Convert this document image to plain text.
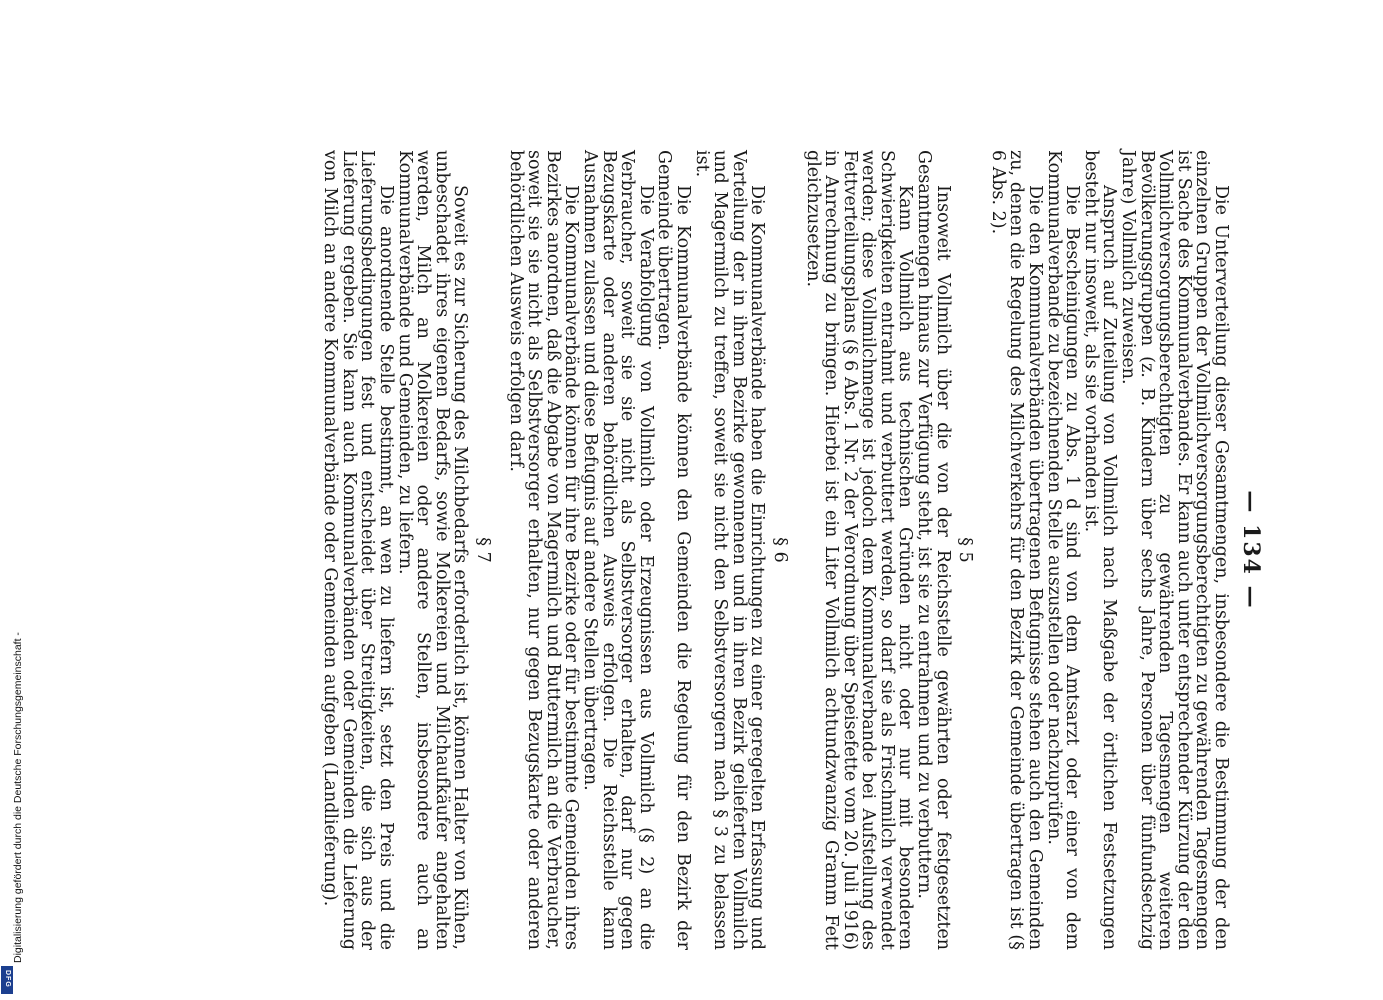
— 134 —

Die Unterverteilung dieser Gesamtmengen, insbesondere die Bestimmung der den einzelnen Gruppen der Vollmilchversorgungsberechtigten zu gewährenden Tagesmengen ist Sache des Kommunalverbandes. Er kann auch unter entsprechender Kürzung der den Vollmilchversorgungsberechtigten zu gewährenden Tagesmengen weiteren Bevölkerungsgruppen (z. B. Kindern über sechs Jahre, Personen über fünfundsechzig Jahre) Vollmilch zuweisen.

Anspruch auf Zuteilung von Vollmilch nach Maßgabe der örtlichen Festsetzungen besteht nur insoweit, als sie vorhanden ist.

Die Bescheinigungen zu Abs. 1 d sind von dem Amtsarzt oder einer von dem Kommunalverbande zu bezeichnenden Stelle auszustellen oder nachzuprüfen.

Die den Kommunalverbänden übertragenen Befugnisse stehen auch den Gemeinden zu, denen die Regelung des Milchverkehrs für den Bezirk der Gemeinde übertragen ist (§ 6 Abs. 2).

§ 5

Insoweit Vollmilch über die von der Reichsstelle gewährten oder festgesetzten Gesamtmengen hinaus zur Verfügung steht, ist sie zu entrahmen und zu verbuttern.

Kann Vollmilch aus technischen Gründen nicht oder nur mit besonderen Schwierigkeiten entrahmt und verbuttert werden, so darf sie als Frischmilch verwendet werden; diese Vollmilchmenge ist jedoch dem Kommunalverbande bei Aufstellung des Fettverteilungsplans (§ 6 Abs. 1 Nr. 2 der Verordnung über Speisefette vom 20. Juli 1916) in Anrechnung zu bringen. Hierbei ist ein Liter Vollmilch achtundzwanzig Gramm Fett gleichzusetzen.

§ 6

Die Kommunalverbände haben die Einrichtungen zu einer geregelten Erfassung und Verteilung der in ihrem Bezirke gewonnenen und in ihren Bezirk gelieferten Vollmilch und Magermilch zu treffen, soweit sie nicht den Selbstversorgern nach § 3 zu belassen ist.

Die Kommunalverbände können den Gemeinden die Regelung für den Bezirk der Gemeinde übertragen.

Die Verabfolgung von Vollmilch oder Erzeugnissen aus Vollmilch (§ 2) an die Verbraucher, soweit sie sie nicht als Selbstversorger erhalten, darf nur gegen Bezugskarte oder anderen behördlichen Ausweis erfolgen. Die Reichsstelle kann Ausnahmen zulassen und diese Befugnis auf andere Stellen übertragen.

Die Kommunalverbände können für ihre Bezirke oder für bestimmte Gemeinden ihres Bezirkes anordnen, daß die Abgabe von Magermilch und Buttermilch an die Verbraucher, soweit sie sie nicht als Selbstversorger erhalten, nur gegen Bezugskarte oder anderen behördlichen Ausweis erfolgen darf.

§ 7

Soweit es zur Sicherung des Milchbedarfs erforderlich ist, können Halter von Kühen, unbeschadet ihres eigenen Bedarfs, sowie Molkereien und Milchaufkäufer angehalten werden, Milch an Molkereien oder andere Stellen, insbesondere auch an Kommunalverbände und Gemeinden, zu liefern.

Die anordnende Stelle bestimmt, an wen zu liefern ist, setzt den Preis und die Lieferungsbedingungen fest und entscheidet über Streitigkeiten, die sich aus der Lieferung ergeben. Sie kann auch Kommunalverbänden oder Gemeinden die Lieferung von Milch an andere Kommunalverbände oder Gemeinden aufgeben (Landlieferung).

Digitalisierung gefördert durch die Deutsche Forschungsgemeinschaft -
DFG
